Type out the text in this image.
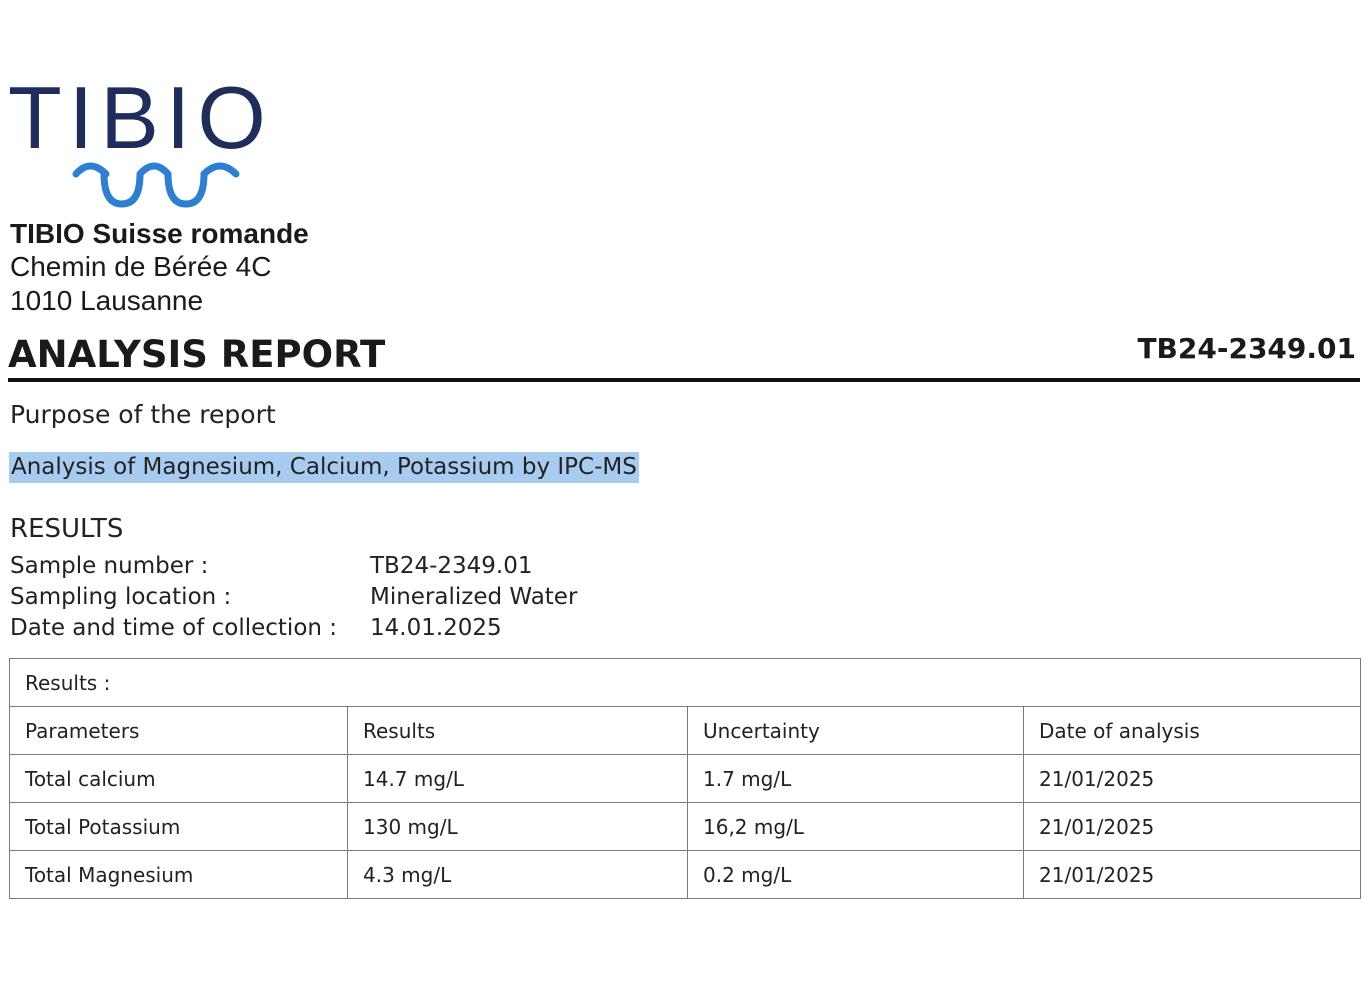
TIBIO
TIBIO Suisse romande
Chemin de Bérée 4C
1010 Lausanne
ANALYSIS REPORT	TB24-2349.01
Purpose of the report
Analysis of Magnesium, Calcium, Potassium by IPC-MS
RESULTS
Sample number :	TB24-2349.01
Sampling location :	Mineralized Water
Date and time of collection : 14.01.2025
Results :			
Parameters	Results	Uncertainty	Date of analysis
Total calcium	14.7 mg/L	1.7 mg/L	21/01/2025
Total Potassium	130 mg/L	16,2 mg/L	21/01/2025
Total Magnesium	4.3 mg/L	0.2 mg/L	21/01/2025
